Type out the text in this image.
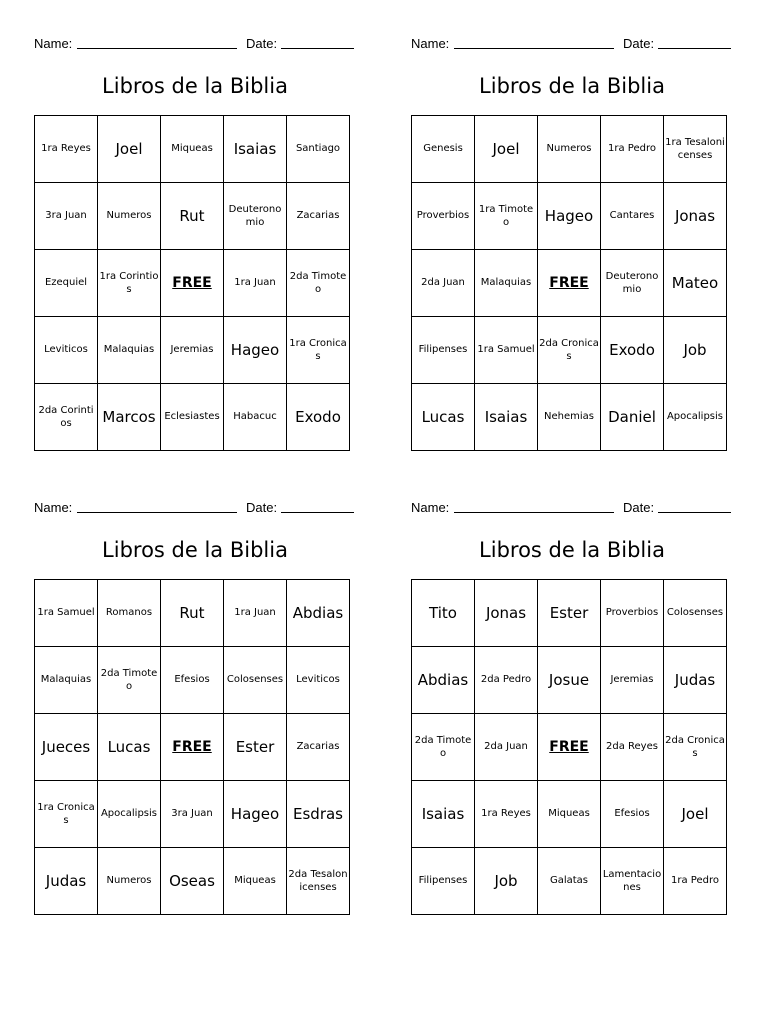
Name:	Date:
Libros de la Biblia
1ra Reyes	Joel	Miqueas	Isaias	Santiago
3ra Juan	Numeros	Rut	Deuteronomio	Zacarias
Ezequiel	1ra Corintios	FREE	1ra Juan	2da Timoteo
Leviticos	Malaquias	Jeremias	Hageo	1ra Cronicas
2da Corintios	Marcos	Eclesiastes	Habacuc	Exodo
Name:	Date:
Libros de la Biblia
Genesis	Joel	Numeros	1ra Pedro	1ra Tesalonicenses
Proverbios	1ra Timoteo	Hageo	Cantares	Jonas
2da Juan	Malaquias	FREE	Deuteronomio	Mateo
Filipenses	1ra Samuel	2da Cronicas	Exodo	Job
Lucas	Isaias	Nehemias	Daniel	Apocalipsis
Name:	Date:
Libros de la Biblia
1ra Samuel	Romanos	Rut	1ra Juan	Abdias
Malaquias	2da Timoteo	Efesios	Colosenses	Leviticos
Jueces	Lucas	FREE	Ester	Zacarias
1ra Cronicas	Apocalipsis	3ra Juan	Hageo	Esdras
Judas	Numeros	Oseas	Miqueas	2da Tesalonicenses
Name:	Date:
Libros de la Biblia
Tito	Jonas	Ester	Proverbios	Colosenses
Abdias	2da Pedro	Josue	Jeremias	Judas
2da Timoteo	2da Juan	FREE	2da Reyes	2da Cronicas
Isaias	1ra Reyes	Miqueas	Efesios	Joel
Filipenses	Job	Galatas	Lamentaciones	1ra Pedro
